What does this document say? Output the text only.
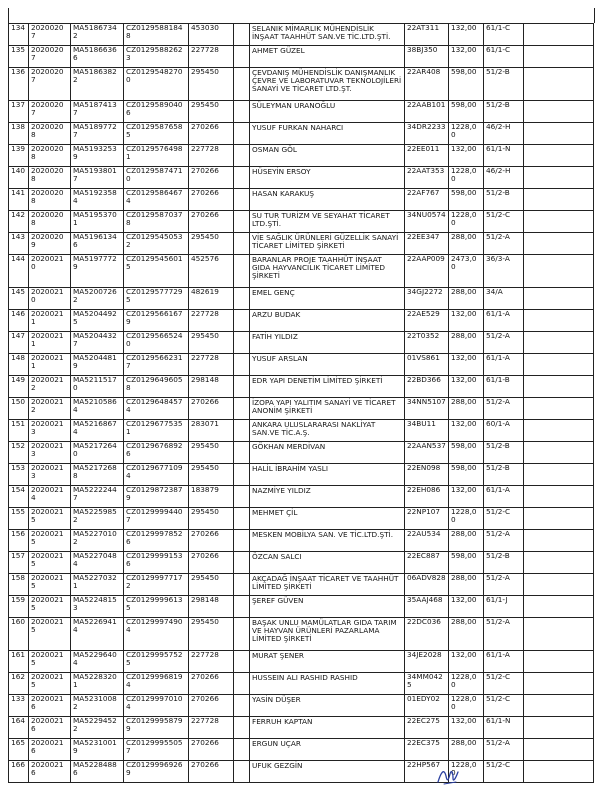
134	20200207	MA51867342	CZ01295881848	453030		SELANIK MİMARLIK MÜHENDİSLİK İNŞAAT TAAHHÜT SAN.VE TİC.LTD.ŞTİ.	22AT311	132,00	61/1-C	
135	20200207	MA51866366	CZ01295882623	227728		AHMET GÜZEL	38BJ350	132,00	61/1-C	
136	20200207	MA51863822	CZ01295482700	295450		ÇEVDANIŞ MÜHENDİSLİK DANIŞMANLIK ÇEVRE VE LABORATUVAR TEKNOLOJİLERİ SANAYİ VE TİCARET LTD.ŞT.	22AR408	598,00	51/2-B	
137	20200207	MA51874137	CZ01295890406	295450		SÜLEYMAN URANOĞLU	22AAB101	598,00	51/2-B	
138	20200208	MA51897727	CZ01295876585	270266		YUSUF FURKAN NAHARCI	34DR2233	1228,00	46/2-H	
139	20200208	MA51932539	CZ01295764981	227728		OSMAN GÖL	22EE011	132,00	61/1-N	
140	20200208	MA51938017	CZ01295874710	270266		HÜSEYİN ERSOY	22AAT353	1228,00	46/2-H	
141	20200208	MA51923584	CZ01295864674	270266		HASAN KARAKUŞ	22AF767	598,00	51/2-B	
142	20200208	MA51953701	CZ01295870378	270266		SU TUR TURİZM VE SEYAHAT TİCARET LTD.ŞTİ.	34NU0574	1228,00	51/2-C	
143	20200209	MA51961346	CZ01295450532	295450		VİE SAĞLIK ÜRÜNLERİ GÜZELLİK SANAYİ TİCARET LİMİTED ŞİRKETİ	22EE347	288,00	51/2-A	
144	20200210	MA51977729	CZ01295456015	452576		BARANLAR PROJE TAAHHÜT İNŞAAT GIDA HAYVANCILIK TİCARET LİMİTED ŞİRKETİ	22AAP009	2473,00	36/3-A	
145	20200210	MA52007262	CZ01295777295	482619		EMEL GENÇ	34GJ2272	288,00	34/A	
146	20200211	MA52044925	CZ01295661679	227728		ARZU BUDAK	22AE529	132,00	61/1-A	
147	20200211	MA52044327	CZ01295665240	295450		FATİH YILDIZ	22T0352	288,00	51/2-A	
148	20200211	MA52044819	CZ01295662317	227728		YUSUF ARSLAN	01VS861	132,00	61/1-A	
149	20200212	MA52115170	CZ01296496058	298148		EDR YAPI DENETİM LİMİTED ŞİRKETİ	22BD366	132,00	61/1-B	
150	20200212	MA52105864	CZ01296484574	270266		İZOPA YAPI YALITIM SANAYİ VE TİCARET ANONİM ŞİRKETİ	34NN5107	288,00	51/2-A	
151	20200213	MA52168674	CZ01296775351	283071		ANKARA ULUSLARARASI NAKLİYAT SAN.VE TİC.A.Ş.	34BU11	132,00	60/1-A	
152	20200213	MA52172640	CZ01296768926	295450		GÖKHAN MERDİVAN	22AAN537	598,00	51/2-B	
153	20200213	MA52172688	CZ01296771094	295450		HALİL İBRAHİM YASLI	22EN098	598,00	51/2-B	
154	20200214	MA52222447	CZ01298723879	183879		NAZMİYE YILDIZ	22EH086	132,00	61/1-A	
155	20200215	MA52259852	CZ01299994407	295450		MEHMET ÇİL	22NP107	1228,00	51/2-C	
156	20200215	MA52270102	CZ01299978526	270266		MESKEN MOBİLYA SAN. VE TİC.LTD.ŞTİ.	22AU534	288,00	51/2-A	
157	20200215	MA52270484	CZ01299991536	270266		ÖZCAN SALCI	22EC887	598,00	51/2-B	
158	20200215	MA52270321	CZ01299977172	295450		AKÇADAĞ İNŞAAT TİCARET VE TAAHHÜT LİMİTED ŞİRKETİ	06ADV828	288,00	51/2-A	
159	20200215	MA52248153	CZ01299996135	298148		ŞEREF GÜVEN	35AAJ468	132,00	61/1-J	
160	20200215	MA52269414	CZ01299974904	295450		BAŞAK UNLU MAMÜLATLAR GIDA TARIM VE HAYVAN ÜRÜNLERİ PAZARLAMA LİMİTED ŞİRKETİ	22DC036	288,00	51/2-A	
161	20200215	MA52296404	CZ01299957525	227728		MURAT ŞENER	34JE2028	132,00	61/1-A	
162	20200215	MA52283201	CZ01299968194	270266		HUSSEIN ALI RASHID RASHID	34MM0425	1228,00	51/2-C	
133	20200216	MA52310082	CZ01299970104	270266		YASİN DÜŞER	01EDY02	1228,00	51/2-C	
164	20200216	MA52294522	CZ01299958799	227728		FERRUH KAPTAN	22EC275	132,00	61/1-N	
165	20200216	MA52310019	CZ01299955057	270266		ERGUN UÇAR	22EC375	288,00	51/2-A	
166	20200216	MA52284886	CZ01299969269	270266		UFUK GEZGİN	22HP567	1228,00	51/2-C	
